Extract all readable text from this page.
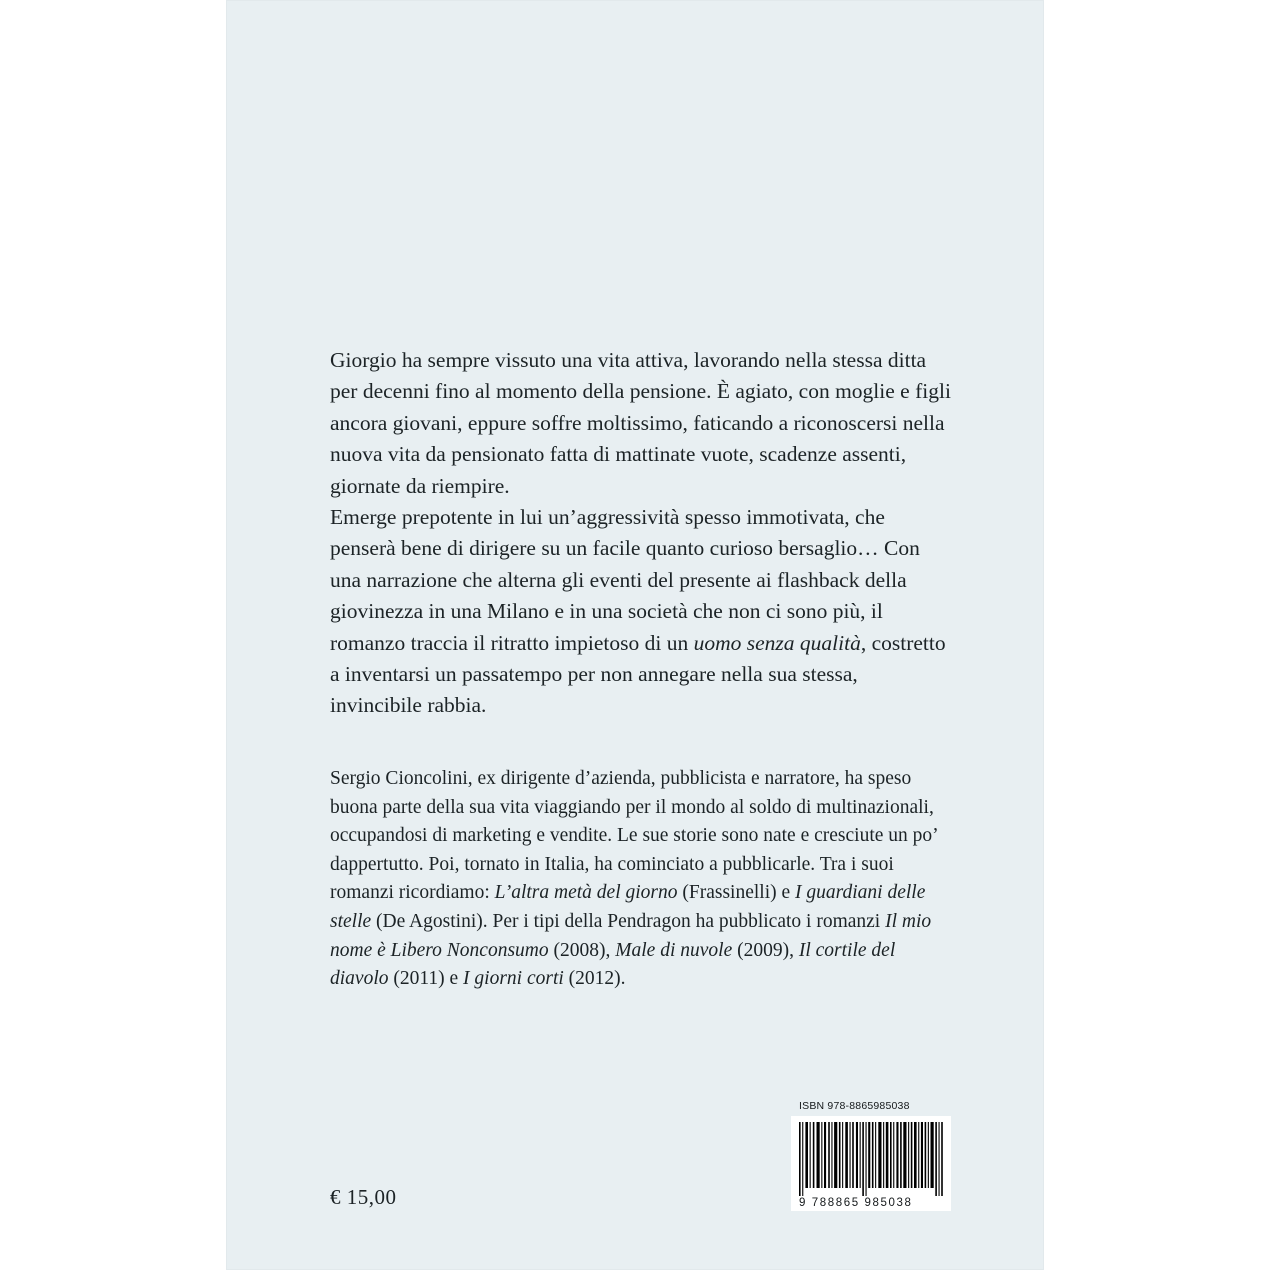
Giorgio ha sempre vissuto una vita attiva, lavorando nella stessa ditta per decenni fino al momento della pensione. È agiato, con moglie e figli ancora giovani, eppure soffre moltissimo, faticando a riconoscersi nella nuova vita da pensionato fatta di mattinate vuote, scadenze assenti, giornate da riempire.

Emerge prepotente in lui un’aggressività spesso immotivata, che penserà bene di dirigere su un facile quanto curioso bersaglio… Con una narrazione che alterna gli eventi del presente ai flashback della giovinezza in una Milano e in una società che non ci sono più, il romanzo traccia il ritratto impietoso di un uomo senza qualità, costretto a inventarsi un passatempo per non annegare nella sua stessa, invincibile rabbia.

Sergio Cioncolini, ex dirigente d’azienda, pubblicista e narratore, ha speso buona parte della sua vita viaggiando per il mondo al soldo di multinazionali, occupandosi di marketing e vendite. Le sue storie sono nate e cresciute un po’ dappertutto. Poi, tornato in Italia, ha cominciato a pubblicarle. Tra i suoi romanzi ricordiamo: L’altra metà del giorno (Frassinelli) e I guardiani delle stelle (De Agostini). Per i tipi della Pendragon ha pubblicato i romanzi Il mio nome è Libero Nonconsumo (2008), Male di nuvole (2009), Il cortile del diavolo (2011) e I giorni corti (2012).

€ 15,00
ISBN 978-8865985038
9 788865 985038
